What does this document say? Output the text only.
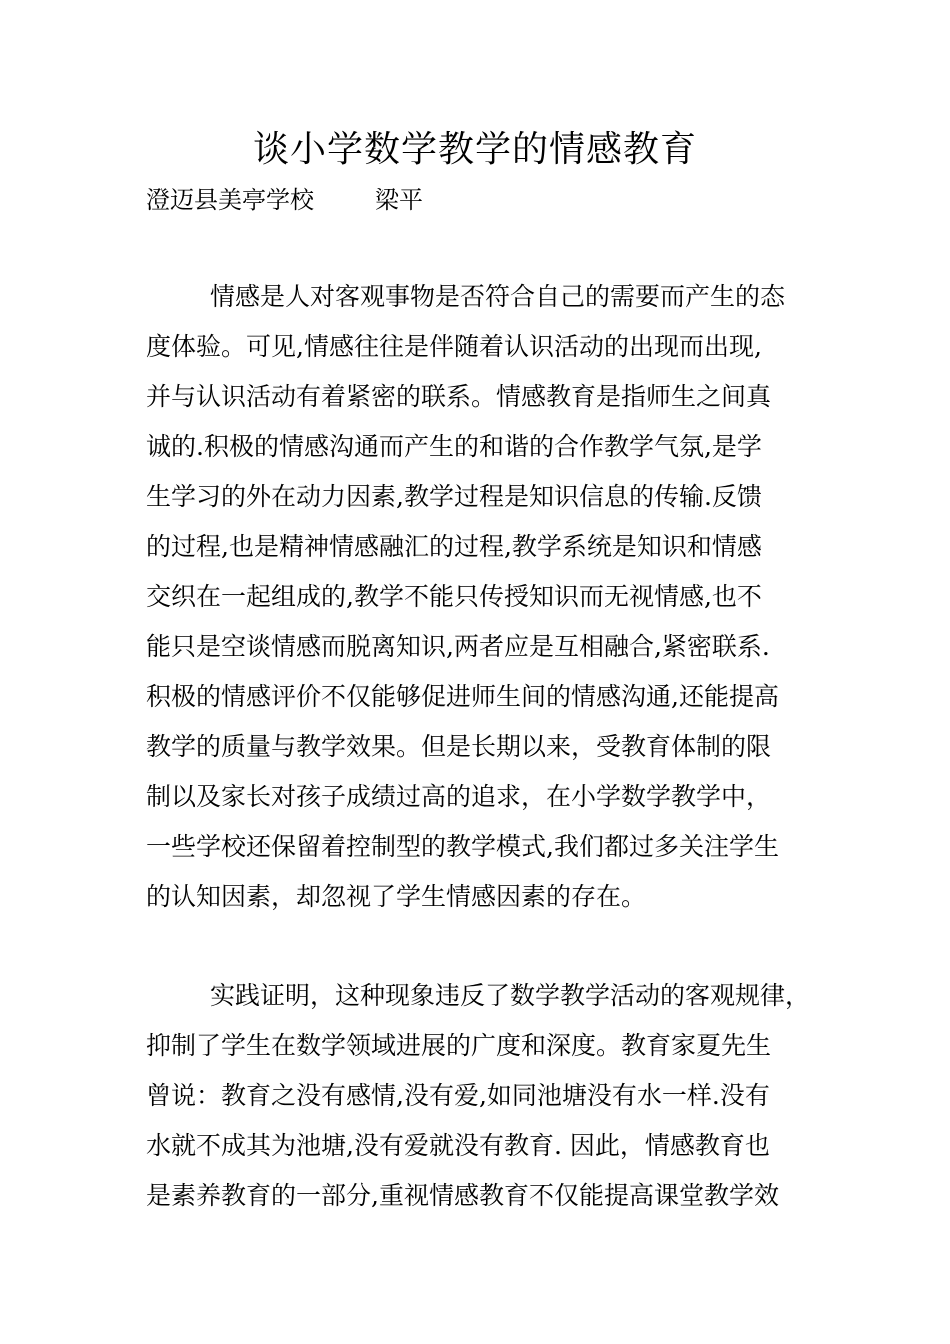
谈小学数学教学的情感教育
澄迈县美亭学校	梁平
情感是人对客观事物是否符合自己的需要而产生的态
度体验。可见,情感往往是伴随着认识活动的出现而出现,
并与认识活动有着紧密的联系。情感教育是指师生之间真
诚的.积极的情感沟通而产生的和谐的合作教学气氛,是学
生学习的外在动力因素,教学过程是知识信息的传输.反馈
的过程,也是精神情感融汇的过程,教学系统是知识和情感
交织在一起组成的,教学不能只传授知识而无视情感,也不
能只是空谈情感而脱离知识,两者应是互相融合,紧密联系.
积极的情感评价不仅能够促进师生间的情感沟通,还能提高
教学的质量与教学效果。但是长期以来，受教育体制的限
制以及家长对孩子成绩过高的追求，在小学数学教学中，
一些学校还保留着控制型的教学模式,我们都过多关注学生
的认知因素，却忽视了学生情感因素的存在。
实践证明，这种现象违反了数学教学活动的客观规律，
抑制了学生在数学领域进展的广度和深度。教育家夏先生
曾说：教育之没有感情,没有爱,如同池塘没有水一样.没有
水就不成其为池塘,没有爱就没有教育. 因此，情感教育也
是素养教育的一部分,重视情感教育不仅能提高课堂教学效
